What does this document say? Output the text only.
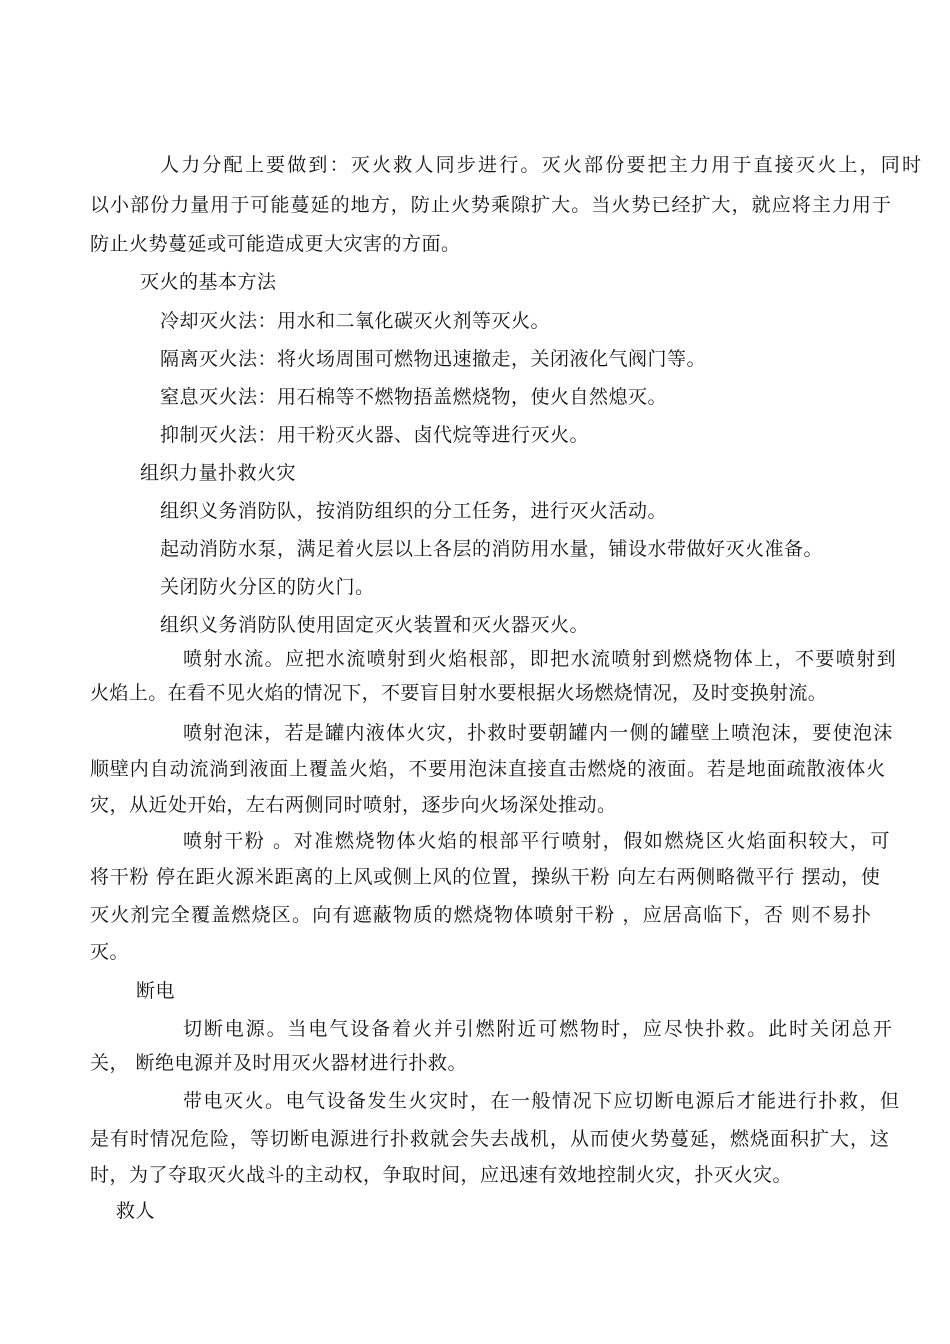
人力分配上要做到：灭火救人同步进行。灭火部份要把主力用于直接灭火上，同时
以小部份力量用于可能蔓延的地方，防止火势乘隙扩大。当火势已经扩大，就应将主力用于
防止火势蔓延或可能造成更大灾害的方面。
灭火的基本方法
冷却灭火法：用水和二氧化碳灭火剂等灭火。
隔离灭火法：将火场周围可燃物迅速撤走，关闭液化气阀门等。
窒息灭火法：用石棉等不燃物捂盖燃烧物，使火自然熄灭。
抑制灭火法：用干粉灭火器、卤代烷等进行灭火。
组织力量扑救火灾
组织义务消防队，按消防组织的分工任务，进行灭火活动。
起动消防水泵，满足着火层以上各层的消防用水量，铺设水带做好灭火准备。
关闭防火分区的防火门。
组织义务消防队使用固定灭火装置和灭火器灭火。
喷射水流。应把水流喷射到火焰根部，即把水流喷射到燃烧物体上，不要喷射到
火焰上。在看不见火焰的情况下，不要盲目射水要根据火场燃烧情况，及时变换射流。
喷射泡沫，若是罐内液体火灾，扑救时要朝罐内一侧的罐壁上喷泡沫，要使泡沫
顺壁内自动流淌到液面上覆盖火焰，不要用泡沫直接直击燃烧的液面。若是地面疏散液体火
灾，从近处开始，左右两侧同时喷射，逐步向火场深处推动。
喷射干粉 。对准燃烧物体火焰的根部平行喷射，假如燃烧区火焰面积较大，可
将干粉 停在距火源米距离的上风或侧上风的位置，操纵干粉 向左右两侧略微平行 摆动，使
灭火剂完全覆盖燃烧区。向有遮蔽物质的燃烧物体喷射干粉 ，应居高临下，否 则不易扑
灭。
断电
切断电源。当电气设备着火并引燃附近可燃物时，应尽快扑救。此时关闭总开
关， 断绝电源并及时用灭火器材进行扑救。
带电灭火。电气设备发生火灾时，在一般情况下应切断电源后才能进行扑救，但
是有时情况危险，等切断电源进行扑救就会失去战机，从而使火势蔓延，燃烧面积扩大，这
时，为了夺取灭火战斗的主动权，争取时间，应迅速有效地控制火灾，扑灭火灾。
救人
